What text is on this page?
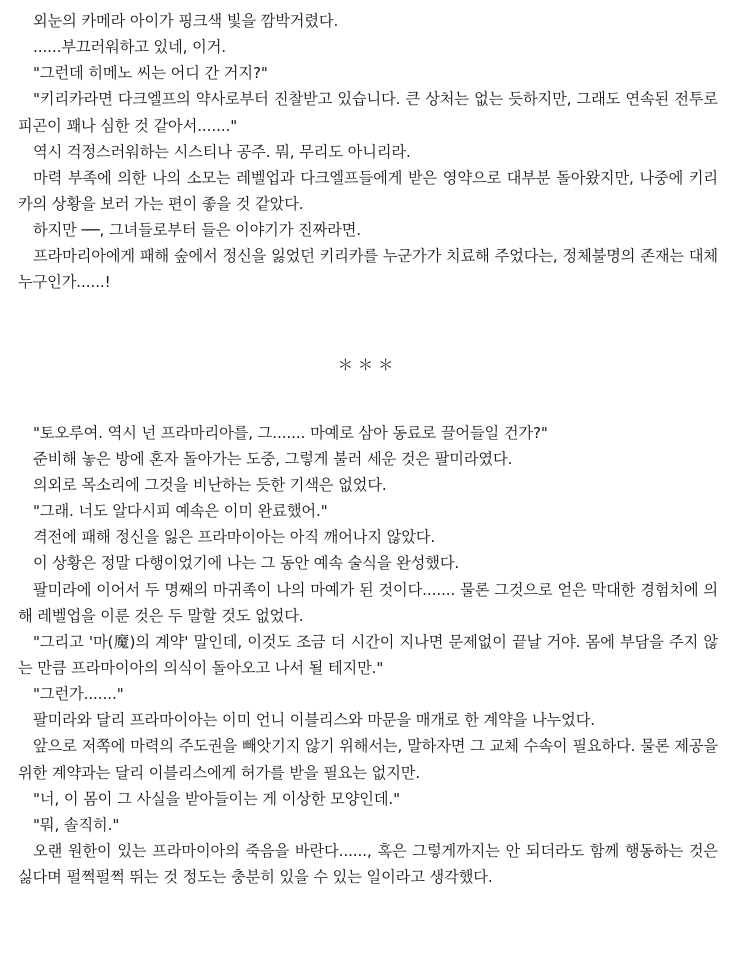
외눈의 카메라 아이가 핑크색 빛을 깜박거렸다.

......부끄러워하고 있네, 이거.

"그런데 히메노 씨는 어디 간 거지?"

"키리카라면 다크엘프의 약사로부터 진찰받고 있습니다. 큰 상처는 없는 듯하지만, 그래도 연속된 전투로 피곤이 꽤나 심한 것 같아서......."

역시 걱정스러워하는 시스티나 공주. 뭐, 무리도 아니리라.

마력 부족에 의한 나의 소모는 레벨업과 다크엘프들에게 받은 영약으로 대부분 돌아왔지만, 나중에 키리카의 상황을 보러 가는 편이 좋을 것 같았다.

하지만 ──, 그녀들로부터 들은 이야기가 진짜라면.

프라마리아에게 패해 숲에서 정신을 잃었던 키리카를 누군가가 치료해 주었다는, 정체불명의 존재는 대체 누구인가......!

＊＊＊

"토오루여. 역시 넌 프라마리아를, 그....... 마예로 삼아 동료로 끌어들일 건가?"

준비해 놓은 방에 혼자 돌아가는 도중, 그렇게 불러 세운 것은 팔미라였다.

의외로 목소리에 그것을 비난하는 듯한 기색은 없었다.

"그래. 너도 알다시피 예속은 이미 완료했어."

격전에 패해 정신을 잃은 프라마이아는 아직 깨어나지 않았다.

이 상황은 정말 다행이었기에 나는 그 동안 예속 술식을 완성했다.

팔미라에 이어서 두 명째의 마귀족이 나의 마예가 된 것이다....... 물론 그것으로 얻은 막대한 경험치에 의해 레벨업을 이룬 것은 두 말할 것도 없었다.

"그리고 '마(魔)의 계약' 말인데, 이것도 조금 더 시간이 지나면 문제없이 끝날 거야. 몸에 부담을 주지 않는 만큼 프라마이아의 의식이 돌아오고 나서 될 테지만."

"그런가......."

팔미라와 달리 프라마이아는 이미 언니 이블리스와 마문을 매개로 한 계약을 나누었다.

앞으로 저쪽에 마력의 주도권을 빼앗기지 않기 위해서는, 말하자면 그 교체 수속이 필요하다. 물론 제공을 위한 계약과는 달리 이블리스에게 허가를 받을 필요는 없지만.

"너, 이 몸이 그 사실을 받아들이는 게 이상한 모양인데."

"뭐, 솔직히."

오랜 원한이 있는 프라마이아의 죽음을 바란다......, 혹은 그렇게까지는 안 되더라도 함께 행동하는 것은 싫다며 펄쩍펄쩍 뛰는 것 정도는 충분히 있을 수 있는 일이라고 생각했다.
